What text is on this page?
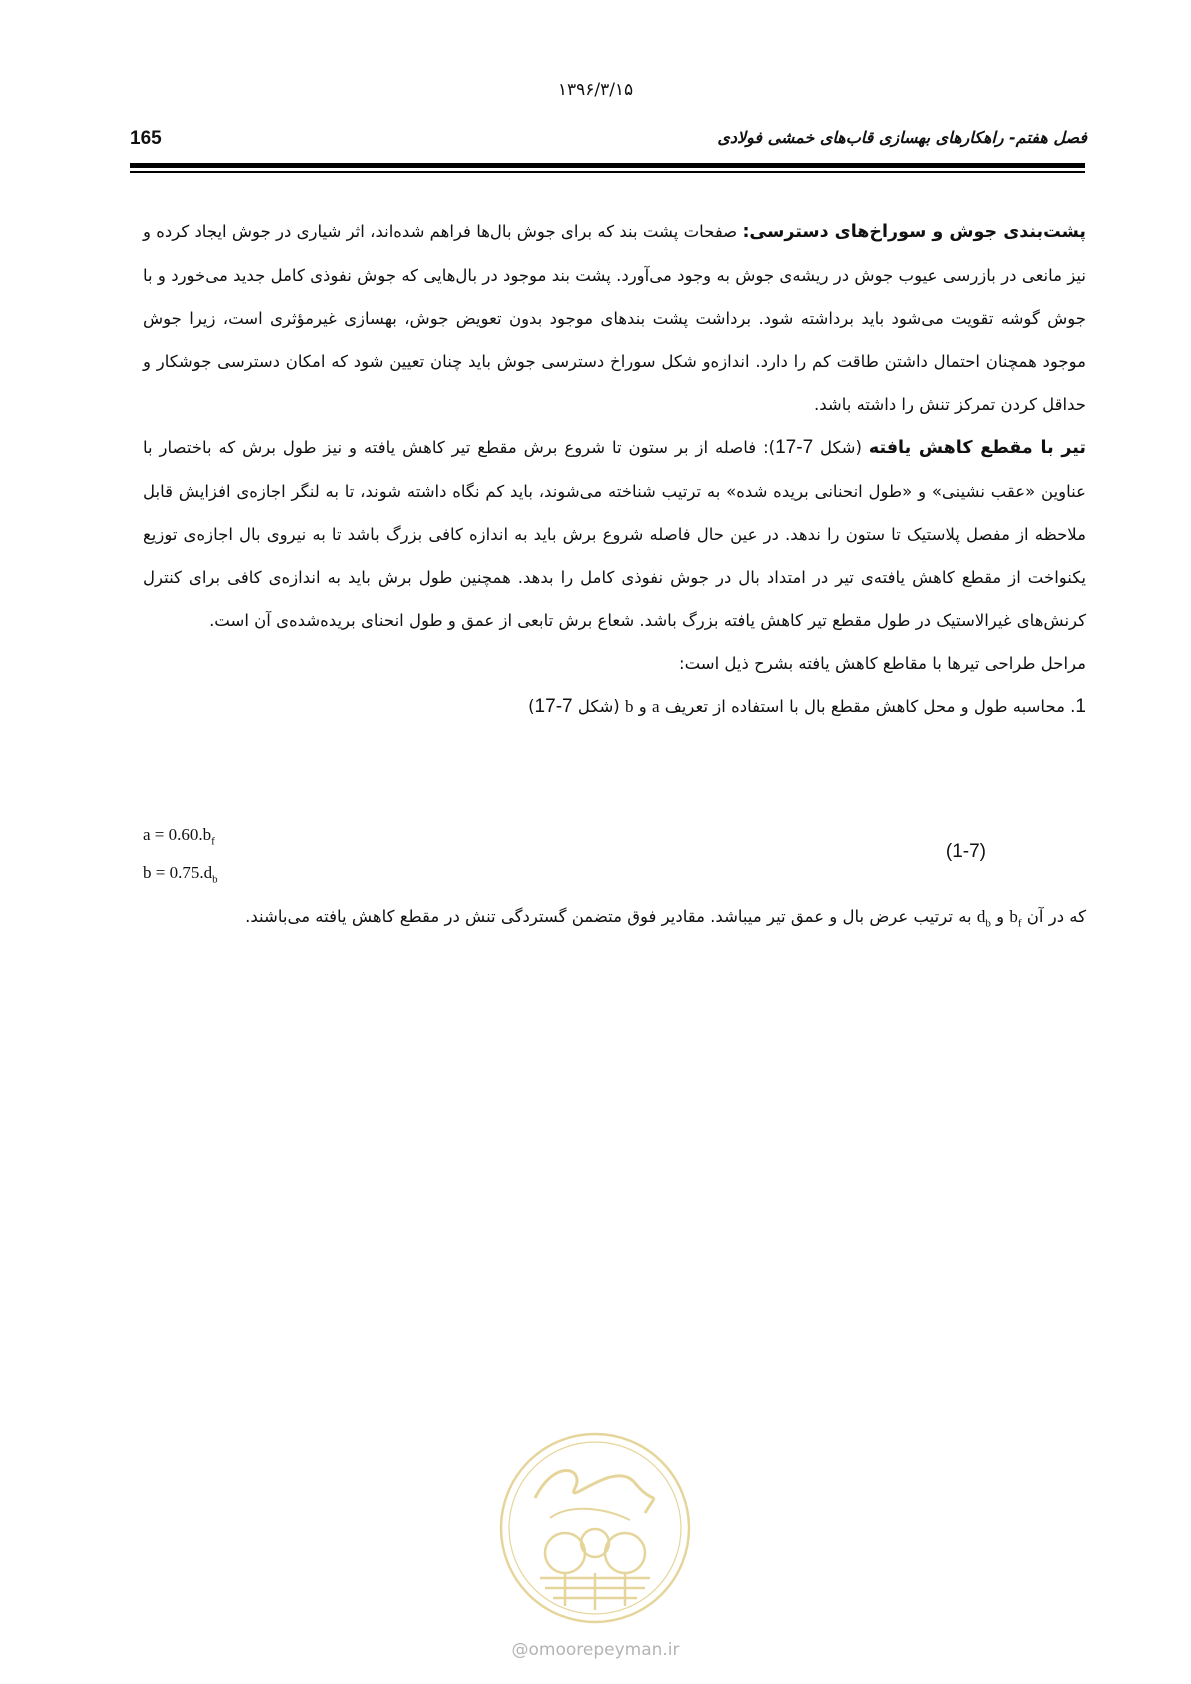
۱۳۹۶/۳/۱۵
165	فصل هفتم- راهکارهای بهسازی قاب‌های خمشی فولادی

پشت‌بندی جوش و سوراخ‌های دسترسی: صفحات پشت بند که برای جوش بال‌ها فراهم شده‌اند، اثر شیاری در جوش ایجاد کرده و نیز مانعی در بازرسی عیوب جوش در ریشه‌ی جوش به وجود می‌آورد. پشت بند موجود در بال‌هایی که جوش نفوذی کامل جدید می‌خورد و با جوش گوشه تقویت می‌شود باید برداشته شود. برداشت پشت بندهای موجود بدون تعویض جوش، بهسازی غیرمؤثری است، زیرا جوش موجود همچنان احتمال داشتن طاقت کم را دارد. اندازه‌و شکل سوراخ دسترسی جوش باید چنان تعیین شود که امکان دسترسی جوشکار و حداقل کردن تمرکز تنش را داشته باشد.

تیر با مقطع کاهش یافته (شکل 7-17): فاصله از بر ستون تا شروع برش مقطع تیر کاهش یافته و نیز طول برش که باختصار با عناوین «عقب نشینی» و «طول انحنانی بریده شده» به ترتیب شناخته می‌شوند، باید کم نگاه داشته شوند، تا به لنگر اجازه‌ی افزایش قابل ملاحظه از مفصل پلاستیک تا ستون را ندهد. در عین حال فاصله شروع برش باید به اندازه کافی بزرگ باشد تا به نیروی بال اجازه‌ی توزیع یکنواخت از مقطع کاهش یافته‌ی تیر در امتداد بال در جوش نفوذی کامل را بدهد. همچنین طول برش باید به اندازه‌ی کافی برای کنترل کرنش‌های غیرالاستیک در طول مقطع تیر کاهش یافته بزرگ باشد. شعاع برش تابعی از عمق و طول انحنای بریده‌شده‌ی آن است.

مراحل طراحی تیرها با مقاطع کاهش یافته بشرح ذیل است:

1. محاسبه طول و محل کاهش مقطع بال با استفاده از تعریف a و b (شکل 7-17)

$a = 0.60.b_f$
$b = 0.75.d_b$
(1-7)

که در آن $b_f$ و $d_b$ به ترتیب عرض بال و عمق تیر میباشد. مقادیر فوق متضمن گستردگی تنش در مقطع کاهش یافته می‌باشند.

@omoorepeyman.ir
